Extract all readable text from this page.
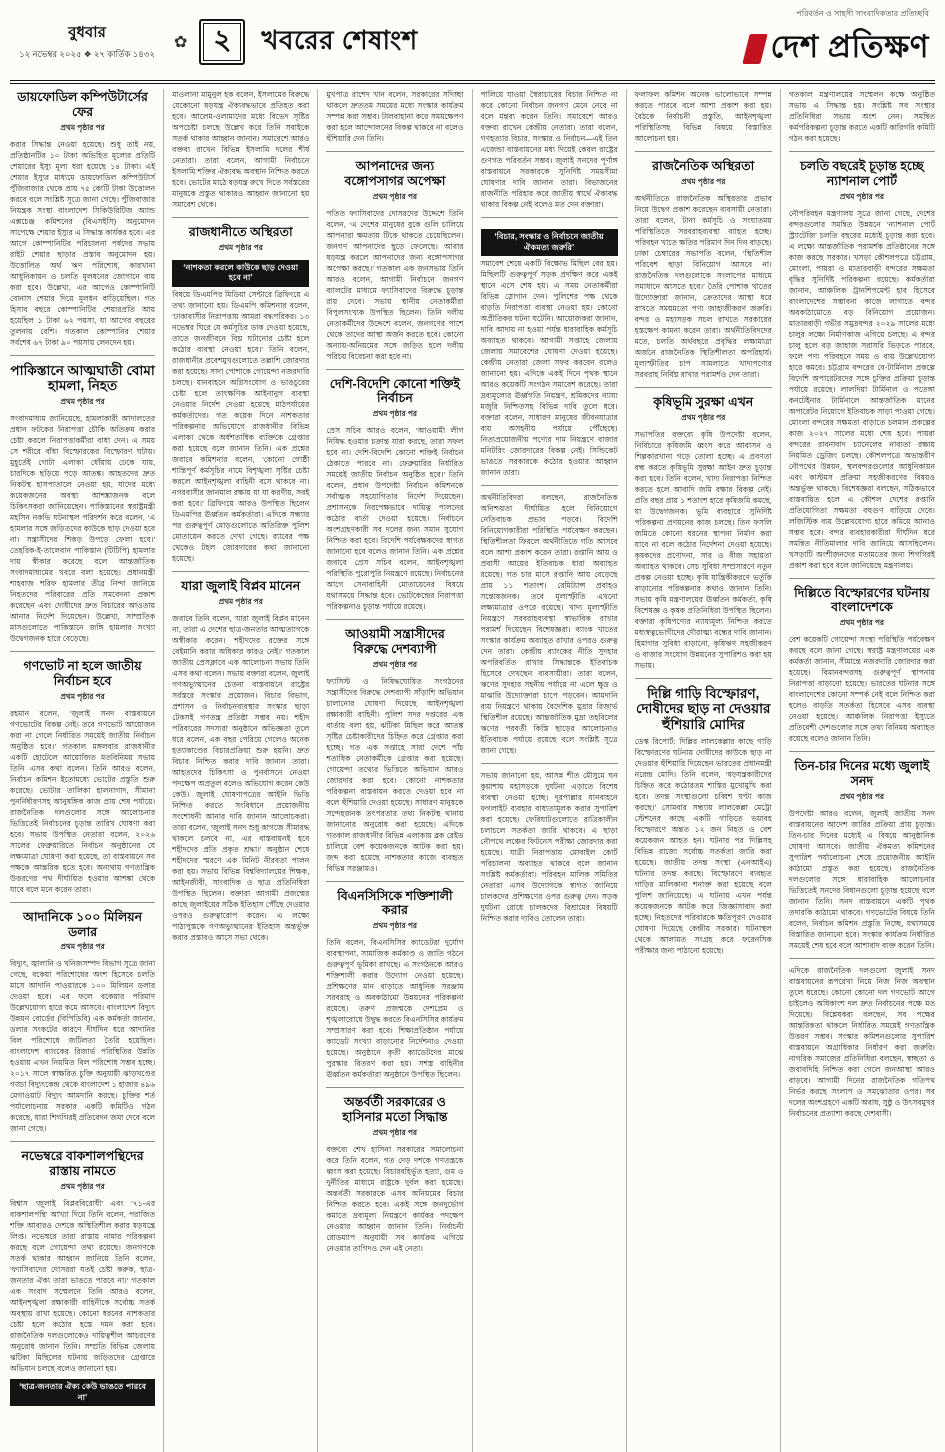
বুধবার
১২ নভেম্বর ২০২৫ ❖ ২৭ কার্তিক ১৪৩২
✿ ২	খবরের শেষাংশ
পরিবর্তন ও সাহসী সাংবাদিকতার প্রতিচ্ছবি
দেশ প্রতিক্ষণ
ডায়ফোডিল কম্পিউটার্সের ফের
প্রথম পৃষ্ঠার পর

করার সিদ্ধান্ত নেওয়া হয়েছে। শুধু তাই নয়, প্রতিষ্ঠানটির ১০ টাকা অভিহিত মূল্যের প্রতিটি শেয়ারের ইস্যু মূল্য ধরা হয়েছে ১৪ টাকা। এই শেয়ার ইস্যুর মাধ্যমে ডায়ফোডিল কম্পিউটার্স পুঁজিবাজার থেকে প্রায় ৭৫ কোটি টাকা উত্তোলন করবে বলে সংশ্লিষ্ট সূত্রে জানা গেছে। পুঁজিবাজার নিয়ন্ত্রক সংস্থা বাংলাদেশ সিকিউরিটিজ অ্যান্ড এক্সচেঞ্জ কমিশনের (বিএসইসি) অনুমোদন সাপেক্ষে শেয়ার ইস্যুর এ সিদ্ধান্ত কার্যকর হবে। এর আগে কোম্পানিটির পরিচালনা পর্ষদের সভায় রাইট শেয়ার ছাড়ার প্রস্তাব অনুমোদন হয়। উত্তোলিত অর্থ ঋণ পরিশোধ, কারখানা আধুনিকায়ন ও চলতি মূলধনের জোগানে ব্যয় করা হবে। উল্লেখ্য, এর আগেও কোম্পানিটি বোনাস শেয়ার দিয়ে মূলধন বাড়িয়েছিল। গত হিসাব বছরে কোম্পানিটির শেয়ারপ্রতি আয় হয়েছিল ১ টাকা ৬২ পয়সা, যা আগের বছরের তুলনায় বেশি। গতকাল কোম্পানির শেয়ার সর্বশেষ ৬৭ টাকা ৯০ পয়সায় লেনদেন হয়।

পাকিস্তানে আত্মঘাতী বোমা হামলা, নিহত
প্রথম পৃষ্ঠার পর

সংবাদমাধ্যম জানিয়েছে, হামলাকারী আদালতের প্রধান ফটকের নিরাপত্তা চৌকি অতিক্রম করার চেষ্টা করলে নিরাপত্তাকর্মীরা বাধা দেন। এ সময় সে শরীরে বাঁধা বিস্ফোরকের বিস্ফোরণ ঘটায়। মুহূর্তেই গোটা এলাকা ধোঁয়ায় ঢেকে যায়, চারদিকে ছড়িয়ে পড়ে আতঙ্ক। আহতদের দ্রুত নিকটস্থ হাসপাতালে নেওয়া হয়, যাদের মধ্যে কয়েকজনের অবস্থা আশঙ্কাজনক বলে চিকিৎসকরা জানিয়েছেন। পাকিস্তানের স্বরাষ্ট্রমন্ত্রী মহসিন নকভি ঘটনাস্থল পরিদর্শন করে বলেন, ‘এ হামলার সঙ্গে জড়িতদের কাউকে ছাড় দেওয়া হবে না। সন্ত্রাসীদের শিকড় উপড়ে ফেলা হবে।’ তেহরিক-ই-তালেবান পাকিস্তান (টিটিপি) হামলার দায় স্বীকার করেছে বলে আন্তর্জাতিক সংবাদমাধ্যমের খবরে বলা হয়েছে। প্রধানমন্ত্রী শাহবাজ শরিফ হামলার তীব্র নিন্দা জানিয়ে নিহতদের পরিবারের প্রতি সমবেদনা প্রকাশ করেছেন এবং দোষীদের দ্রুত বিচারের আওতায় আনার নির্দেশ দিয়েছেন। উল্লেখ্য, সাম্প্রতিক মাসগুলোতে পাকিস্তানে জঙ্গি হামলার সংখ্যা উদ্বেগজনক হারে বেড়েছে।

গণভোট না হলে জাতীয় নির্বাচন হবে
প্রথম পৃষ্ঠার পর

রহমান বলেন, ‘জুলাই সনদ বাস্তবায়নে গণভোটের বিকল্প নেই। তবে গণভোট আয়োজন করা না গেলে নির্ধারিত সময়েই জাতীয় নির্বাচন অনুষ্ঠিত হবে।’ গতকাল মঙ্গলবার রাজধানীর একটি হোটেলে আয়োজিত মতবিনিময় সভায় তিনি এসব কথা বলেন। তিনি আরও বলেন, নির্বাচন কমিশন ইতোমধ্যে ভোটের প্রস্তুতি শুরু করেছে। ভোটার তালিকা হালনাগাদ, সীমানা পুনর্নির্ধারণসহ আনুষঙ্গিক কাজ প্রায় শেষ পর্যায়ে। রাজনৈতিক দলগুলোর সঙ্গে আলোচনার ভিত্তিতেই নির্বাচনের চূড়ান্ত তারিখ ঘোষণা করা হবে। সভায় উপস্থিত নেতারা বলেন, ২০২৬ সালের ফেব্রুয়ারিতে নির্বাচন অনুষ্ঠানের যে লক্ষ্যমাত্রা ঘোষণা করা হয়েছে, তা বাস্তবায়নে সব পক্ষকে আন্তরিক হতে হবে। অন্যথায় গণতান্ত্রিক উত্তরণের পথ দীর্ঘায়িত হওয়ার আশঙ্কা থেকে যাবে বলে মনে করেন তারা।

আদানিকে ১০০ মিলিয়ন ডলার
প্রথম পৃষ্ঠার পর

বিদ্যুৎ, জ্বালানি ও খনিজসম্পদ বিভাগ সূত্রে জানা গেছে, বকেয়া পরিশোধের অংশ হিসেবে চলতি মাসে আদানি পাওয়ারকে ১০০ মিলিয়ন ডলার দেওয়া হবে। এর ফলে বকেয়ার পরিমাণ উল্লেখযোগ্য হারে কমে আসবে। বাংলাদেশ বিদ্যুৎ উন্নয়ন বোর্ডের (বিপিডিবি) এক কর্মকর্তা জানান, ডলার সংকটের কারণে দীর্ঘদিন ধরে আদানির বিল পরিশোধে জটিলতা তৈরি হয়েছিল। বাংলাদেশ ব্যাংকের রিজার্ভ পরিস্থিতির উন্নতি হওয়ায় এখন নিয়মিত বিল পরিশোধ সম্ভব হচ্ছে। ২০১৭ সালে স্বাক্ষরিত চুক্তি অনুযায়ী ঝাড়খণ্ডের গড্ডা বিদ্যুৎকেন্দ্র থেকে বাংলাদেশ ১ হাজার ৪৯৬ মেগাওয়াট বিদ্যুৎ আমদানি করছে। চুক্তির শর্ত পর্যালোচনায় সরকার একটি কমিটিও গঠন করেছে, যারা শিগগিরই প্রতিবেদন জমা দেবে বলে জানা গেছে।

নভেম্বরে বাকশালপন্থিদের রাস্তায় নামতে
প্রথম পৃষ্ঠার পর

বিশ্বাস ‘জুলাই বিপ্লববিরোধী’ এবং ‘৭১-এর বাকশালপন্থি’ আখ্যা দিয়ে তিনি বলেন, পরাজিত শক্তি আবারও দেশকে অস্থিতিশীল করার ষড়যন্ত্রে লিপ্ত। নভেম্বরে তারা রাস্তায় নামার পরিকল্পনা করছে বলে গোয়েন্দা তথ্য রয়েছে। জনগণকে সতর্ক থাকার আহ্বান জানিয়ে তিনি বলেন, ‘ফ্যাসিবাদের দোসররা যতই চেষ্টা করুক, ছাত্র-জনতার ঐক্য তারা ভাঙতে পারবে না।’ গতকাল এক সংবাদ সম্মেলনে তিনি আরও বলেন, আইনশৃঙ্খলা রক্ষাকারী বাহিনীকে সর্বোচ্চ সতর্ক অবস্থায় রাখা হয়েছে। কোনো ধরনের নাশকতার চেষ্টা হলে কঠোর হস্তে দমন করা হবে। রাজনৈতিক দলগুলোকেও দায়িত্বশীল আচরণের অনুরোধ জানান তিনি। সম্প্রতি বিভিন্ন জেলায় ঝটিকা মিছিলের ঘটনায় জড়িতদের গ্রেপ্তারে অভিযান চলছে বলেও জানানো হয়।

‘ছাত্র-জনতার ঐক্য কেউ ভাঙতে পারবে না’

মাওলানা মামুনুল হক বলেন, ইসলামের বিরুদ্ধে যেকোনো ষড়যন্ত্র ঐক্যবদ্ধভাবে প্রতিহত করা হবে। আলেম-ওলামাদের মধ্যে বিভেদ সৃষ্টির অপচেষ্টা চলছে উল্লেখ করে তিনি সবাইকে সতর্ক থাকার আহ্বান জানান। সমাবেশে আরও বক্তব্য রাখেন বিভিন্ন ইসলামি দলের শীর্ষ নেতারা। তারা বলেন, আগামী নির্বাচনে ইসলামি শক্তির ঐক্যবদ্ধ অবস্থান নিশ্চিত করতে হবে। ভোটের মাঠে ষড়যন্ত্র রুখে দিতে সর্বস্তরের মানুষকে প্রস্তুত থাকারও আহ্বান জানানো হয় সমাবেশ থেকে।

রাজধানীতে অস্থিরতা
প্রথম পৃষ্ঠার পর
‘নাশকতা করলে কাউকে ছাড় দেওয়া হবে না’

বিষয়ে ডিএমপির মিডিয়া সেন্টারে ব্রিফিংয়ে এ তথ্য জানানো হয়। ডিএমপি কমিশনার বলেন, ‘ঢাকাবাসীর নিরাপত্তায় আমরা বদ্ধপরিকর। ১৩ নভেম্বর ঘিরে যে কর্মসূচির ডাক দেওয়া হয়েছে, তাতে জনজীবনে বিঘ্ন ঘটানোর চেষ্টা হলে কঠোর ব্যবস্থা নেওয়া হবে।’ তিনি বলেন, রাজধানীর প্রবেশমুখগুলোতে তল্লাশি জোরদার করা হয়েছে। সাদা পোশাকে গোয়েন্দা নজরদারি চলছে। যানবাহনে অগ্নিসংযোগ ও ভাঙচুরের চেষ্টা হলে তাৎক্ষণিক আইনানুগ ব্যবস্থা নেওয়ার নির্দেশ দেওয়া হয়েছে মাঠপর্যায়ের কর্মকর্তাদের। গত কয়েক দিনে নাশকতার পরিকল্পনার অভিযোগে রাজধানীর বিভিন্ন এলাকা থেকে অর্ধশতাধিক ব্যক্তিকে গ্রেপ্তার করা হয়েছে বলে জানান তিনি। এক প্রশ্নের জবাবে কমিশনার বলেন, ‘কোনো গোষ্ঠী শান্তিপূর্ণ কর্মসূচির নামে বিশৃঙ্খলা সৃষ্টির চেষ্টা করলে আইনশৃঙ্খলা বাহিনী বসে থাকবে না। নগরবাসীর জানমাল রক্ষায় যা যা করণীয়, সবই করা হবে।’ ব্রিফিংয়ে আরও উপস্থিত ছিলেন ডিএমপির ঊর্ধ্বতন কর্মকর্তারা। এদিকে সন্ধ্যার পর গুরুত্বপূর্ণ মোড়গুলোতে অতিরিক্ত পুলিশ মোতায়েন করতে দেখা গেছে। র‍্যাবের পক্ষ থেকেও টহল জোরদারের কথা জানানো হয়েছে।

যারা জুলাই বিপ্লব মানেন
প্রথম পৃষ্ঠার পর

জবাবে তিনি বলেন, ‘যারা জুলাই বিপ্লব মানেন না, তারা এ দেশের ছাত্র-জনতার আত্মত্যাগকে অস্বীকার করেন। শহীদদের রক্তের সঙ্গে বেইমানি করার অধিকার কারও নেই।’ গতকাল জাতীয় প্রেসক্লাবে এক আলোচনা সভায় তিনি এসব কথা বলেন। সভায় বক্তারা বলেন, জুলাই গণঅভ্যুত্থানের চেতনা বাস্তবায়নে রাষ্ট্রের সর্বস্তরে সংস্কার প্রয়োজন। বিচার বিভাগ, প্রশাসন ও নির্বাচনব্যবস্থার সংস্কার ছাড়া টেকসই গণতন্ত্র প্রতিষ্ঠা সম্ভব নয়। শহীদ পরিবারের সদস্যরা অনুষ্ঠানে অভিজ্ঞতা তুলে ধরে বলেন, এক বছর পেরিয়ে গেলেও অনেক হত্যাকাণ্ডের বিচারপ্রক্রিয়া শুরু হয়নি। দ্রুত বিচার নিশ্চিত করার দাবি জানান তারা। আহতদের চিকিৎসা ও পুনর্বাসনে নেওয়া পদক্ষেপ অপ্রতুল বলেও অভিযোগ করেন কেউ কেউ। জুলাই ঘোষণাপত্রের আইনি ভিত্তি নিশ্চিত করতে সংবিধানে প্রয়োজনীয় সংশোধনী আনার দাবি জানান আলোচকরা। তারা বলেন, ‘জুলাই সনদ শুধু কাগজে সীমাবদ্ধ থাকলে চলবে না, এর বাস্তবায়নই হবে শহীদদের প্রতি প্রকৃত শ্রদ্ধা।’ অনুষ্ঠান শেষে শহীদদের স্মরণে এক মিনিট নীরবতা পালন করা হয়। সভায় বিভিন্ন বিশ্ববিদ্যালয়ের শিক্ষক, আইনজীবী, সাংবাদিক ও ছাত্র প্রতিনিধিরা উপস্থিত ছিলেন। বক্তারা আগামী প্রজন্মের কাছে জুলাইয়ের সঠিক ইতিহাস পৌঁছে দেওয়ার ওপরও গুরুত্বারোপ করেন। এ লক্ষ্যে পাঠ্যপুস্তকে গণঅভ্যুত্থানের ইতিহাস অন্তর্ভুক্ত করার প্রস্তাবও আসে সভা থেকে।

মুখপাত্র রাশেদ খান বলেন, সরকারের সদিচ্ছা থাকলে দ্রুততম সময়ের মধ্যে সংস্কার কার্যক্রম সম্পন্ন করা সম্ভব। টালবাহানা করে সময়ক্ষেপণ করা হলে আন্দোলনের বিকল্প থাকবে না বলেও হুঁশিয়ারি দেন তিনি।

আপনাদের জন্য বঙ্গোপসাগর অপেক্ষা
প্রথম পৃষ্ঠার পর

পতিত ফ্যাসিবাদের দোসরদের উদ্দেশে তিনি বলেন, ‘এ দেশের মানুষের বুকে গুলি চালিয়ে আপনারা ক্ষমতায় টিকে থাকতে চেয়েছিলেন। জনগণ আপনাদের ছুড়ে ফেলেছে। আবার ষড়যন্ত্র করলে আপনাদের জন্য বঙ্গোপসাগর অপেক্ষা করছে।’ গতকাল এক জনসভায় তিনি আরও বলেন, আগামী নির্বাচনে জনগণ ব্যালটের মাধ্যমে ফ্যাসিবাদের বিরুদ্ধে চূড়ান্ত রায় দেবে। সভায় স্থানীয় নেতাকর্মীরা বিপুলসংখ্যক উপস্থিত ছিলেন। তিনি দলীয় নেতাকর্মীদের উদ্দেশে বলেন, জনগণের পাশে থেকে তাদের আস্থা অর্জন করতে হবে। কোনো অন্যায়-অনিয়মের সঙ্গে জড়িত হলে দলীয় পরিচয় বিবেচনা করা হবে না।

দেশি-বিদেশি কোনো শক্তিই নির্বাচন
প্রথম পৃষ্ঠার পর

প্রেস সচিব আরও বলেন, ‘আওয়ামী লীগ নিষিদ্ধ হওয়ার চক্রান্ত যারা করছে, তারা সফল হবে না। দেশি-বিদেশি কোনো শক্তিই নির্বাচন ঠেকাতে পারবে না। ফেব্রুয়ারির নির্ধারিত সময়েই জাতীয় নির্বাচন অনুষ্ঠিত হবে।’ তিনি বলেন, প্রধান উপদেষ্টা নির্বাচন কমিশনকে সর্বাত্মক সহযোগিতার নির্দেশ দিয়েছেন। প্রশাসনকে নিরপেক্ষভাবে দায়িত্ব পালনের কঠোর বার্তা দেওয়া হয়েছে। নির্বাচনে অংশগ্রহণকারী সব দলের জন্য সমান সুযোগ নিশ্চিত করা হবে। বিদেশি পর্যবেক্ষকদের স্বাগত জানানো হবে বলেও জানান তিনি। এক প্রশ্নের জবাবে প্রেস সচিব বলেন, আইনশৃঙ্খলা পরিস্থিতি পুরোপুরি নিয়ন্ত্রণে রয়েছে। নির্বাচনের আগে সেনাবাহিনী মোতায়েনের বিষয়ে যথাসময়ে সিদ্ধান্ত হবে। ভোটকেন্দ্রের নিরাপত্তা পরিকল্পনাও চূড়ান্ত পর্যায়ে রয়েছে।

আওয়ামী সন্ত্রাসীদের বিরুদ্ধে দেশব্যাপী
প্রথম পৃষ্ঠার পর

ফ্যাসিস্ট ও নিষিদ্ধঘোষিত সংগঠনের সন্ত্রাসীদের বিরুদ্ধে দেশব্যাপী সাঁড়াশি অভিযান চালানোর ঘোষণা দিয়েছে আইনশৃঙ্খলা রক্ষাকারী বাহিনী। পুলিশ সদর দপ্তরের এক বার্তায় বলা হয়, ঝটিকা মিছিল করে আতঙ্ক সৃষ্টির চেষ্টাকারীদের চিহ্নিত করে গ্রেপ্তার করা হচ্ছে। গত এক সপ্তাহে সারা দেশে পাঁচ শতাধিক নেতাকর্মীকে গ্রেপ্তার করা হয়েছে। গোয়েন্দা তথ্যের ভিত্তিতে অভিযান আরও জোরদার করা হবে। কোনো নাশকতার পরিকল্পনা বাস্তবায়ন করতে দেওয়া হবে না বলে হুঁশিয়ারি দেওয়া হয়েছে। সাধারণ মানুষকে সন্দেহজনক তৎপরতার তথ্য নিকটস্থ থানায় জানানোর অনুরোধ করা হয়েছে। এদিকে গতকাল রাজধানীর বিভিন্ন এলাকায় ব্লক রেইড চালিয়ে বেশ কয়েকজনকে আটক করা হয়। জব্দ করা হয়েছে নাশকতার কাজে ব্যবহৃত বিভিন্ন সরঞ্জামও।

বিএনসিসিকে শক্তিশালী করার
প্রথম পৃষ্ঠার পর

তিনি বলেন, বিএনসিসির ক্যাডেটরা দুর্যোগ ব্যবস্থাপনা, সামাজিক কর্মকাণ্ড ও জাতি গঠনে গুরুত্বপূর্ণ ভূমিকা রাখছে। এ সংগঠনকে আরও শক্তিশালী করার উদ্যোগ নেওয়া হয়েছে। প্রশিক্ষণের মান বাড়াতে আধুনিক সরঞ্জাম সরবরাহ ও অবকাঠামো উন্নয়নের পরিকল্পনা রয়েছে। তরুণ প্রজন্মকে দেশপ্রেম ও শৃঙ্খলাবোধে উদ্বুদ্ধ করতে বিএনসিসির কার্যক্রম সম্প্রসারণ করা হবে। শিক্ষাপ্রতিষ্ঠান পর্যায়ে ক্যাডেট সংখ্যা বাড়ানোর নির্দেশনাও দেওয়া হয়েছে। অনুষ্ঠানে কৃতী ক্যাডেটদের মাঝে পুরস্কার বিতরণ করা হয়। সশস্ত্র বাহিনীর ঊর্ধ্বতন কর্মকর্তারা অনুষ্ঠানে উপস্থিত ছিলেন।

অন্তর্বর্তী সরকারের ও হাসিনার মতো সিদ্ধান্ত
প্রথম পৃষ্ঠার পর

বক্তব্যে শেখ হাসিনা সরকারের সমালোচনা করে তিনি বলেন, গত দেড় দশকে গণতন্ত্রকে ধ্বংস করা হয়েছে। বিচারবহির্ভূত হত্যা, গুম ও দুর্নীতির মাধ্যমে রাষ্ট্রকে দুর্বল করা হয়েছে। অন্তর্বর্তী সরকারকে এসব অনিয়মের বিচার নিশ্চিত করতে হবে। একই সঙ্গে জনদুর্ভোগ কমাতে দ্রব্যমূল্য নিয়ন্ত্রণে কার্যকর পদক্ষেপ নেওয়ার আহ্বান জানান তিনি। নির্বাচনী রোডম্যাপ অনুযায়ী সব কার্যক্রম এগিয়ে নেওয়ার তাগিদও দেন এই নেতা।

পালিয়ে যাওয়া স্বৈরাচারের বিচার নিশ্চিত না করে কোনো নির্বাচন জনগণ মেনে নেবে না বলে মন্তব্য করেন তিনি। সমাবেশে আরও বক্তব্য রাখেন কেন্দ্রীয় নেতারা। তারা বলেন, গণহত্যার বিচার, সংস্কার ও নির্বাচন—এই তিন এজেন্ডা বাস্তবায়নের মধ্য দিয়েই কেবল রাষ্ট্রের গুণগত পরিবর্তন সম্ভব। জুলাই সনদের পূর্ণাঙ্গ বাস্তবায়নে সরকারকে সুনির্দিষ্ট সময়সীমা ঘোষণার দাবি জানান তারা। বিভাজনের রাজনীতি পরিহার করে জাতীয় স্বার্থে ঐক্যবদ্ধ থাকার বিকল্প নেই বলেও মত দেন বক্তারা।

‘বিচার, সংস্কার ও নির্বাচনে জাতীয় ঐকমত্য জরুরি’

সমাবেশ শেষে একটি বিক্ষোভ মিছিল বের হয়। মিছিলটি গুরুত্বপূর্ণ সড়ক প্রদক্ষিণ করে একই স্থানে এসে শেষ হয়। এ সময় নেতাকর্মীরা বিভিন্ন স্লোগান দেন। পুলিশের পক্ষ থেকে বাড়তি নিরাপত্তা ব্যবস্থা নেওয়া হয়। কোনো অপ্রীতিকর ঘটনা ঘটেনি। আয়োজকরা জানান, দাবি আদায় না হওয়া পর্যন্ত ধারাবাহিক কর্মসূচি অব্যাহত থাকবে। আগামী সপ্তাহে জেলায় জেলায় সমাবেশের ঘোষণা দেওয়া হয়েছে। কেন্দ্রীয় নেতারা জেলা সফর করবেন বলেও জানানো হয়। এদিকে একই দিনে পৃথক স্থানে আরও কয়েকটি সংগঠন সমাবেশ করেছে। তারা দ্রব্যমূল্যের ঊর্ধ্বগতি নিয়ন্ত্রণ, শ্রমিকদের ন্যায্য মজুরি নিশ্চিতসহ বিভিন্ন দাবি তুলে ধরে। বক্তারা বলেন, সাধারণ মানুষের জীবনযাত্রার ব্যয় অসহনীয় পর্যায়ে পৌঁছেছে। নিত্যপ্রয়োজনীয় পণ্যের দাম নিয়ন্ত্রণে বাজার মনিটরিং জোরদারের বিকল্প নেই। সিন্ডিকেট ভাঙতে সরকারকে কঠোর হওয়ার আহ্বান জানান তারা।

অর্থনীতিবিদরা বলছেন, রাজনৈতিক অনিশ্চয়তা দীর্ঘায়িত হলে বিনিয়োগে নেতিবাচক প্রভাব পড়বে। বিদেশি বিনিয়োগকারীরা পরিস্থিতি পর্যবেক্ষণ করছেন। স্থিতিশীলতা ফিরলে অর্থনীতিতে গতি আসবে বলে আশা প্রকাশ করেন তারা। রপ্তানি আয় ও প্রবাসী আয়ের ইতিবাচক ধারা অব্যাহত রয়েছে। গত চার মাসে রপ্তানি আয় বেড়েছে প্রায় ১১ শতাংশ। রেমিট্যান্স প্রবাহও সন্তোষজনক। তবে মূল্যস্ফীতি এখনো লক্ষ্যমাত্রার ওপরে রয়েছে। খাদ্য মূল্যস্ফীতি নিয়ন্ত্রণে সরবরাহব্যবস্থা স্বাভাবিক রাখার পরামর্শ দিয়েছেন বিশেষজ্ঞরা। ব্যাংক খাতের সংস্কার কার্যক্রম অব্যাহত রাখার ওপরও গুরুত্ব দেন তারা। কেন্দ্রীয় ব্যাংকের নীতি সুদহার অপরিবর্তিত রাখার সিদ্ধান্তকে ইতিবাচক হিসেবে দেখছেন ব্যবসায়ীরা। তারা বলেন, ঋণের সুদহার সহনীয় পর্যায়ে না এলে ক্ষুদ্র ও মাঝারি উদ্যোক্তারা চাপে পড়বেন। আমদানি ব্যয় নিয়ন্ত্রণে থাকায় বৈদেশিক মুদ্রার রিজার্ভ স্থিতিশীল রয়েছে। আন্তর্জাতিক মুদ্রা তহবিলের ঋণের পরবর্তী কিস্তি ছাড়ের আলোচনাও ইতিবাচক পর্যায়ে রয়েছে বলে সংশ্লিষ্ট সূত্রে জানা গেছে।

সভায় জানানো হয়, আসন্ন শীত মৌসুমে ঘন কুয়াশায় মহাসড়কে দুর্ঘটনা এড়াতে বিশেষ ব্যবস্থা নেওয়া হচ্ছে। দূরপাল্লার যানবাহনে ফগলাইট ব্যবহার বাধ্যতামূলক করার সুপারিশ করা হয়েছে। ফেরিঘাটগুলোতে রাত্রিকালীন চলাচলে সতর্কতা জারি থাকবে। এ ছাড়া নৌপথে লঞ্চের ফিটনেস পরীক্ষা জোরদার করা হয়েছে। যাত্রী নিরাপত্তায় মোবাইল কোর্ট পরিচালনা অব্যাহত থাকবে বলে জানান সংশ্লিষ্ট কর্মকর্তারা। পরিবহন মালিক সমিতির নেতারা এসব উদ্যোগকে স্বাগত জানিয়ে চালকদের প্রশিক্ষণের ওপর গুরুত্ব দেন। সড়ক দুর্ঘটনা রোধে চালকদের বিশ্রামের বিষয়টি নিশ্চিত করার দাবিও তোলেন তারা।

ফলাফল কমিশন অনেক ভালোভাবে সম্পন্ন করতে পারবে বলে আশা প্রকাশ করা হয়। বৈঠকে নির্বাচনী প্রস্তুতি, আইনশৃঙ্খলা পরিস্থিতিসহ বিভিন্ন বিষয়ে বিস্তারিত আলোচনা হয়।

রাজনৈতিক অস্থিরতা
প্রথম পৃষ্ঠার পর

অর্থনীতিতে রাজনৈতিক অস্থিরতার প্রভাব নিয়ে উদ্বেগ প্রকাশ করেছেন ব্যবসায়ী নেতারা। তারা বলেন, টানা কর্মসূচি ও সংঘাতময় পরিস্থিতিতে সরবরাহব্যবস্থা ব্যাহত হচ্ছে। পরিবহন খাতে ক্ষতির পরিমাণ দিন দিন বাড়ছে। ঢাকা চেম্বারের সভাপতি বলেন, ‘স্থিতিশীল পরিবেশ ছাড়া বিনিয়োগ আসবে না। রাজনৈতিক দলগুলোকে সংলাপের মাধ্যমে সমাধানে আসতে হবে।’ তৈরি পোশাক খাতের উদ্যোক্তারা জানান, ক্রেতাদের আস্থা ধরে রাখতে সময়মতো পণ্য জাহাজীকরণ জরুরি। বন্দর ও মহাসড়ক সচল রাখতে সরকারের হস্তক্ষেপ কামনা করেন তারা। অর্থনীতিবিদদের মতে, চলতি অর্থবছরে প্রবৃদ্ধির লক্ষ্যমাত্রা অর্জনে রাজনৈতিক স্থিতিশীলতা অপরিহার্য। মূল্যস্ফীতির চাপ সামলাতে খাদ্যপণ্যের সরবরাহ নির্বিঘ্ন রাখার পরামর্শও দেন তারা।

কৃষিভূমি সুরক্ষা এখন
প্রথম পৃষ্ঠার পর

সভাপতির বক্তব্যে কৃষি উপদেষ্টা বলেন, নির্বিচারে কৃষিজমি ধ্বংস করে আবাসন ও শিল্পকারখানা গড়ে তোলা হচ্ছে। এ প্রবণতা বন্ধ করতে কৃষিভূমি সুরক্ষা আইন দ্রুত চূড়ান্ত করা হবে। তিনি বলেন, খাদ্য নিরাপত্তা নিশ্চিত করতে হলে আবাদি জমি রক্ষার বিকল্প নেই। প্রতি বছর প্রায় ১ শতাংশ হারে কৃষিজমি কমছে, যা উদ্বেগজনক। ভূমি ব্যবহারে সুনির্দিষ্ট পরিকল্পনা প্রণয়নের কাজ চলছে। তিন ফসলি জমিতে কোনো ধরনের স্থাপনা নির্মাণ করা যাবে না বলে কঠোর নির্দেশনা দেওয়া হয়েছে। কৃষকদের প্রণোদনা, সার ও বীজ সহায়তা অব্যাহত থাকবে। সেচ সুবিধা সম্প্রসারণে নতুন প্রকল্প নেওয়া হচ্ছে। কৃষি যান্ত্রিকীকরণে ভর্তুকি বাড়ানোর পরিকল্পনার কথাও জানান তিনি। সভায় কৃষি মন্ত্রণালয়ের ঊর্ধ্বতন কর্মকর্তা, কৃষি বিশেষজ্ঞ ও কৃষক প্রতিনিধিরা উপস্থিত ছিলেন। বক্তারা কৃষিপণ্যের ন্যায্যমূল্য নিশ্চিত করতে মধ্যস্বত্বভোগীদের দৌরাত্ম্য বন্ধের দাবি জানান। হিমাগার সুবিধা বাড়ানো, কৃষিঋণ সহজীকরণ ও বাজার সংযোগ উন্নয়নের সুপারিশও করা হয় সভায়।

দিল্লি গাড়ি বিস্ফোরণ, দোষীদের ছাড় না দেওয়ার হুঁশিয়ারি মোদির

ডেস্ক রিপোর্ট: দিল্লির লালকেল্লার কাছে গাড়ি বিস্ফোরণের ঘটনায় দোষীদের কাউকে ছাড় না দেওয়ার হুঁশিয়ারি দিয়েছেন ভারতের প্রধানমন্ত্রী নরেন্দ্র মোদি। তিনি বলেন, ‘ষড়যন্ত্রকারীদের চিহ্নিত করে কঠোরতম শাস্তির মুখোমুখি করা হবে। তদন্ত সংস্থাগুলো চব্বিশ ঘণ্টা কাজ করছে।’ সোমবার সন্ধ্যায় লালকেল্লা মেট্রো স্টেশনের কাছে একটি গাড়িতে ভয়াবহ বিস্ফোরণে অন্তত ১২ জন নিহত ও বেশ কয়েকজন আহত হন। ঘটনার পর দিল্লিসহ বিভিন্ন রাজ্যে সর্বোচ্চ সতর্কতা জারি করা হয়েছে। জাতীয় তদন্ত সংস্থা (এনআইএ) ঘটনার তদন্ত করছে। বিস্ফোরণে ব্যবহৃত গাড়ির মালিকানা শনাক্ত করা হয়েছে বলে পুলিশ জানিয়েছে। এ ঘটনায় এখন পর্যন্ত কয়েকজনকে আটক করে জিজ্ঞাসাবাদ করা হচ্ছে। নিহতদের পরিবারকে ক্ষতিপূরণ দেওয়ার ঘোষণা দিয়েছে কেন্দ্রীয় সরকার। ঘটনাস্থল থেকে আলামত সংগ্রহ করে ফরেনসিক পরীক্ষার জন্য পাঠানো হয়েছে।

গতকাল মন্ত্রণালয়ের সম্মেলন কক্ষে অনুষ্ঠিত সভায় এ সিদ্ধান্ত হয়। সংশ্লিষ্ট সব সংস্থার প্রতিনিধিরা সভায় অংশ নেন। সমন্বিত কর্মপরিকল্পনা চূড়ান্ত করতে একটি কারিগরি কমিটি গঠন করা হয়েছে।

চলতি বছরেই চূড়ান্ত হচ্ছে ন্যাশনাল পোর্ট
প্রথম পৃষ্ঠার পর

নৌপরিবহন মন্ত্রণালয় সূত্রে জানা গেছে, দেশের বন্দরগুলোর সমন্বিত উন্নয়নে ‘ন্যাশনাল পোর্ট স্ট্র্যাটেজি’ চলতি বছরের মধ্যেই চূড়ান্ত করা হবে। এ লক্ষ্যে আন্তর্জাতিক পরামর্শক প্রতিষ্ঠানের সঙ্গে কাজ করছে সরকার। খসড়া কৌশলপত্রে চট্টগ্রাম, মোংলা, পায়রা ও মাতারবাড়ী বন্দরের সক্ষমতা বৃদ্ধির সুনির্দিষ্ট পরিকল্পনা রয়েছে। কর্মকর্তারা জানান, আঞ্চলিক ট্রানশিপমেন্ট হাব হিসেবে বাংলাদেশের সম্ভাবনা কাজে লাগাতে বন্দর অবকাঠামোতে বড় বিনিয়োগ প্রয়োজন। মাতারবাড়ী গভীর সমুদ্রবন্দর ২০২৯ সালের মধ্যে চালুর লক্ষ্যে নির্মাণকাজ এগিয়ে চলছে। এ বন্দর চালু হলে বড় জাহাজ সরাসরি ভিড়তে পারবে, ফলে পণ্য পরিবহনে সময় ও ব্যয় উল্লেখযোগ্য হারে কমবে। চট্টগ্রাম বন্দরের বে-টার্মিনাল প্রকল্পে বিদেশি অপারেটরদের সঙ্গে চুক্তির প্রক্রিয়া চূড়ান্ত পর্যায়ে রয়েছে। লালদিয়া টার্মিনাল ও পতেঙ্গা কনটেইনার টার্মিনালে আন্তর্জাতিক মানের অপারেটর নিয়োগে ইতিবাচক সাড়া পাওয়া গেছে। মোংলা বন্দরের সক্ষমতা বাড়াতে চলমান প্রকল্পের কাজ ২০২৭ সালের মধ্যে শেষ হবে। পায়রা বন্দরের রাবনাবাদ চ্যানেলের নাব্যতা রক্ষায় নিয়মিত ড্রেজিং চলছে। কৌশলপত্রে অভ্যন্তরীণ নৌপথের উন্নয়ন, স্থলবন্দরগুলোর আধুনিকায়ন এবং কাস্টমস প্রক্রিয়া সহজীকরণের বিষয়ও অন্তর্ভুক্ত থাকছে। বিশেষজ্ঞরা বলছেন, সঠিকভাবে বাস্তবায়িত হলে এ কৌশল দেশের রপ্তানি প্রতিযোগিতা সক্ষমতা বহুগুণ বাড়িয়ে দেবে। লজিস্টিক ব্যয় উল্লেখযোগ্য হারে কমিয়ে আনাও সম্ভব হবে। বন্দর ব্যবহারকারীরা দীর্ঘদিন ধরে সমন্বিত নীতিমালার দাবি জানিয়ে আসছিলেন। খসড়াটি অংশীজনদের মতামতের জন্য শিগগিরই প্রকাশ করা হবে বলে জানিয়েছে মন্ত্রণালয়।

দিল্লিতে বিস্ফোরণের ঘটনায় বাংলাদেশকে
প্রথম পৃষ্ঠার পর

বেশ কয়েকটি গোয়েন্দা সংস্থা পরিস্থিতি পর্যবেক্ষণ করছে বলে জানা গেছে। স্বরাষ্ট্র মন্ত্রণালয়ের এক কর্মকর্তা জানান, সীমান্তে নজরদারি জোরদার করা হয়েছে। বিমানবন্দরসহ গুরুত্বপূর্ণ স্থাপনায় নিরাপত্তা বাড়ানো হয়েছে। ভারতের ঘটনার সঙ্গে বাংলাদেশের কোনো সম্পর্ক নেই বলে নিশ্চিত করা হলেও বাড়তি সতর্কতা হিসেবে এসব ব্যবস্থা নেওয়া হয়েছে। আঞ্চলিক নিরাপত্তা ইস্যুতে প্রতিবেশী দেশগুলোর সঙ্গে তথ্য বিনিময় অব্যাহত রয়েছে বলেও জানান তিনি।

তিন-চার দিনের মধ্যে জুলাই সনদ
প্রথম পৃষ্ঠার পর

উপদেষ্টা আরও বলেন, জুলাই জাতীয় সনদ বাস্তবায়নের আদেশ জারির প্রক্রিয়া প্রায় চূড়ান্ত। তিন-চার দিনের মধ্যেই এ বিষয়ে আনুষ্ঠানিক ঘোষণা আসবে। জাতীয় ঐকমত্য কমিশনের সুপারিশ পর্যালোচনা শেষে প্রয়োজনীয় আইনি কাঠামো প্রস্তুত করা হয়েছে। রাজনৈতিক দলগুলোর সঙ্গে ধারাবাহিক আলোচনার ভিত্তিতেই সনদের বিধানগুলো চূড়ান্ত হয়েছে বলে জানান তিনি। সনদ বাস্তবায়নে একটি পৃথক তদারকি কাঠামো থাকবে। গণভোটের বিষয়ে তিনি বলেন, নির্বাচন কমিশন প্রস্তুতি নিচ্ছে, যথাসময়ে বিস্তারিত জানানো হবে। সংস্কার কার্যক্রম নির্ধারিত সময়েই শেষ হবে বলে আশাবাদ ব্যক্ত করেন তিনি।

এদিকে রাজনৈতিক দলগুলো জুলাই সনদ বাস্তবায়নের রূপরেখা নিয়ে নিজ নিজ অবস্থান তুলে ধরেছে। কোনো কোনো দল গণভোট আগে চাইলেও অধিকাংশ দল দ্রুত নির্বাচনের পক্ষে মত দিয়েছে। বিশ্লেষকরা বলছেন, সব পক্ষের আন্তরিকতা থাকলে নির্ধারিত সময়েই গণতান্ত্রিক উত্তরণ সম্ভব। সংস্কার কমিশনগুলোর সুপারিশ বাস্তবায়নে অগ্রাধিকার নির্ধারণ করা জরুরি। নাগরিক সমাজের প্রতিনিধিরা বলছেন, স্বচ্ছতা ও জবাবদিহি নিশ্চিত করা গেলে জনআস্থা আরও বাড়বে। আগামী দিনের রাজনৈতিক গতিপথ নির্ভর করছে সংলাপ ও সমঝোতার ওপর। সব দলের অংশগ্রহণে একটি অবাধ, সুষ্ঠু ও উৎসবমুখর নির্বাচনের প্রত্যাশা করছে দেশবাসী।
